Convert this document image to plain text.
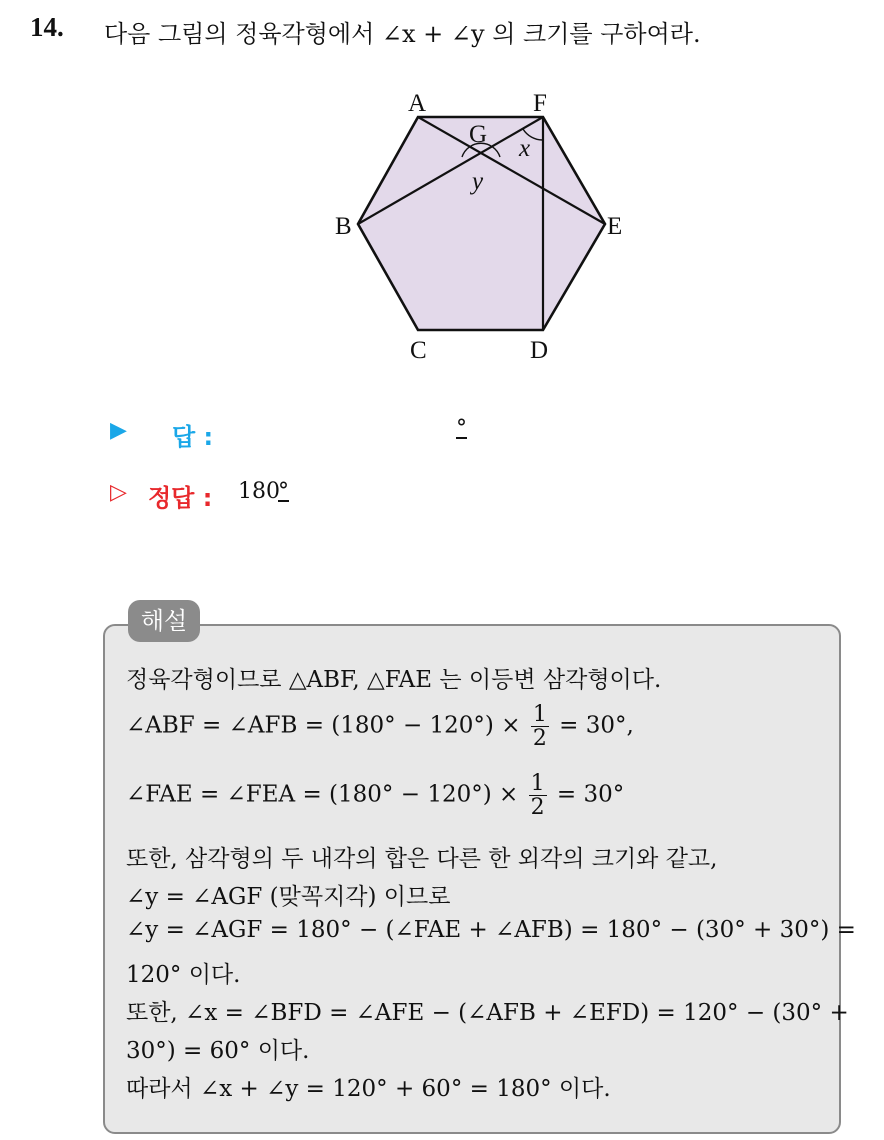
14. 다음 그림의 정육각형에서 ∠x + ∠y 의 크기를 구하여라.
A	F
G
B	E
C	D
x
y
▶ 답 :	°
▷ 정답 : 180
°
해설
정육각형이므로 △ABF, △FAE 는 이등변 삼각형이다.
∠ABF = ∠AFB = $(180^\circ - 120^\circ) \times \frac{1}{2} = 30^\circ$,
∠FAE = ∠FEA = $(180^\circ - 120^\circ) \times \frac{1}{2} = 30^\circ$
또한, 삼각형의 두 내각의 합은 다른 한 외각의 크기와 같고,
∠y = ∠AGF (맞꼭지각) 이므로
∠y = ∠AGF = 180° − (∠FAE + ∠AFB) = 180° − (30° + 30°) =
120° 이다.
또한, ∠x = ∠BFD = ∠AFE − (∠AFB + ∠EFD) = 120° − (30° +
30°) = 60° 이다.
따라서 ∠x + ∠y = 120° + 60° = 180° 이다.
